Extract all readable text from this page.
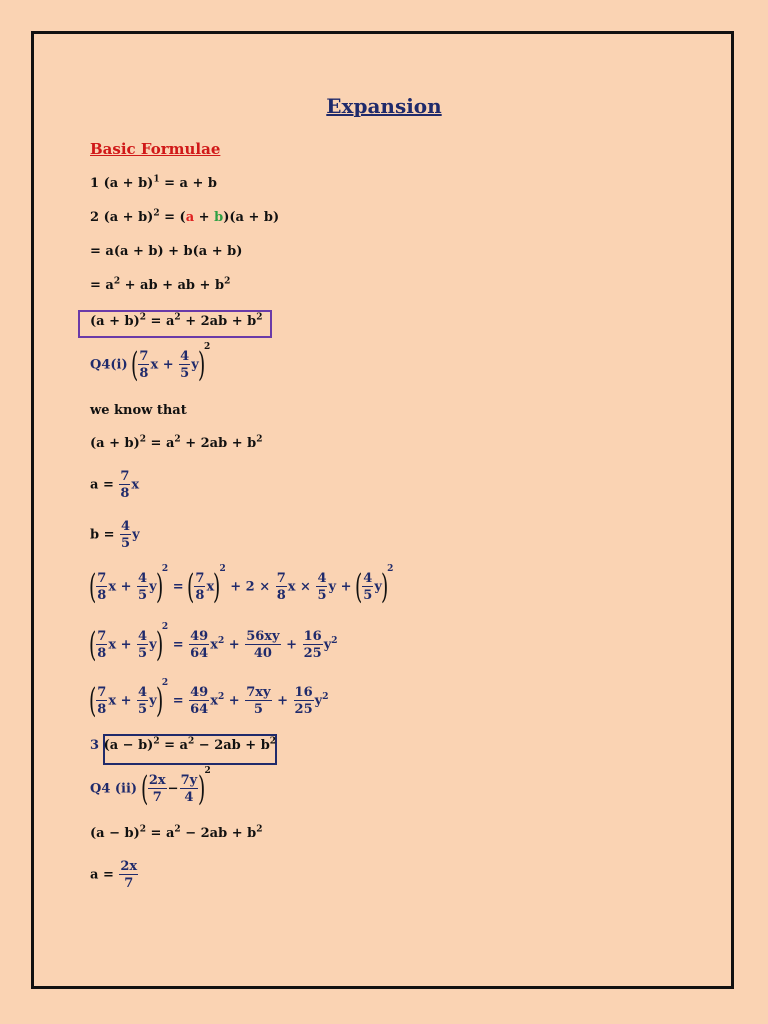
Expansion
Basic Formulae
1 $(a + b)^1 = a + b$
2 $(a + b)^2 = (a + b)(a + b)$
= a(a + b) + b(a + b)
= $a^2$ + ab + ab + $b^2$
$(a + b)^2 = a^2 + 2ab + b^2$
Q4(i) ( $\frac{7}{8}$ $x + \frac{4}{5} y)^2$
we know that
$(a + b)^2 = a^2 + 2ab + b^2$
$a = \frac{7}{8}$ x
$b = \frac{4}{5}$ y
( $\frac{7}{8}$ $x + \frac{4}{5} y)^2$ = ( $\frac{7}{8} x)^2 + 2 \times \frac{7}{8}$ $x \times \frac{4}{5}$ y + ( $\frac{4}{5} y)^2$
( $\frac{7}{8}$ $x + \frac{4}{5} y)^2 = \frac{49}{64} x^2 + \frac{56xy}{40} + \frac{16}{25} y^2$
( $\frac{7}{8}$ $x + \frac{4}{5} y)^2 = \frac{49}{64} x^2 + \frac{7xy}{5} + \frac{16}{25} y^2$
3 $(a - b)^2 = a^2 - 2ab + b^2$
Q4 (ii) ( $\frac{2x}{7} - \frac{7y}{4} )^2$
$(a - b)^2 = a^2 - 2ab + b^2$
$a = \frac{2x}{7}$
